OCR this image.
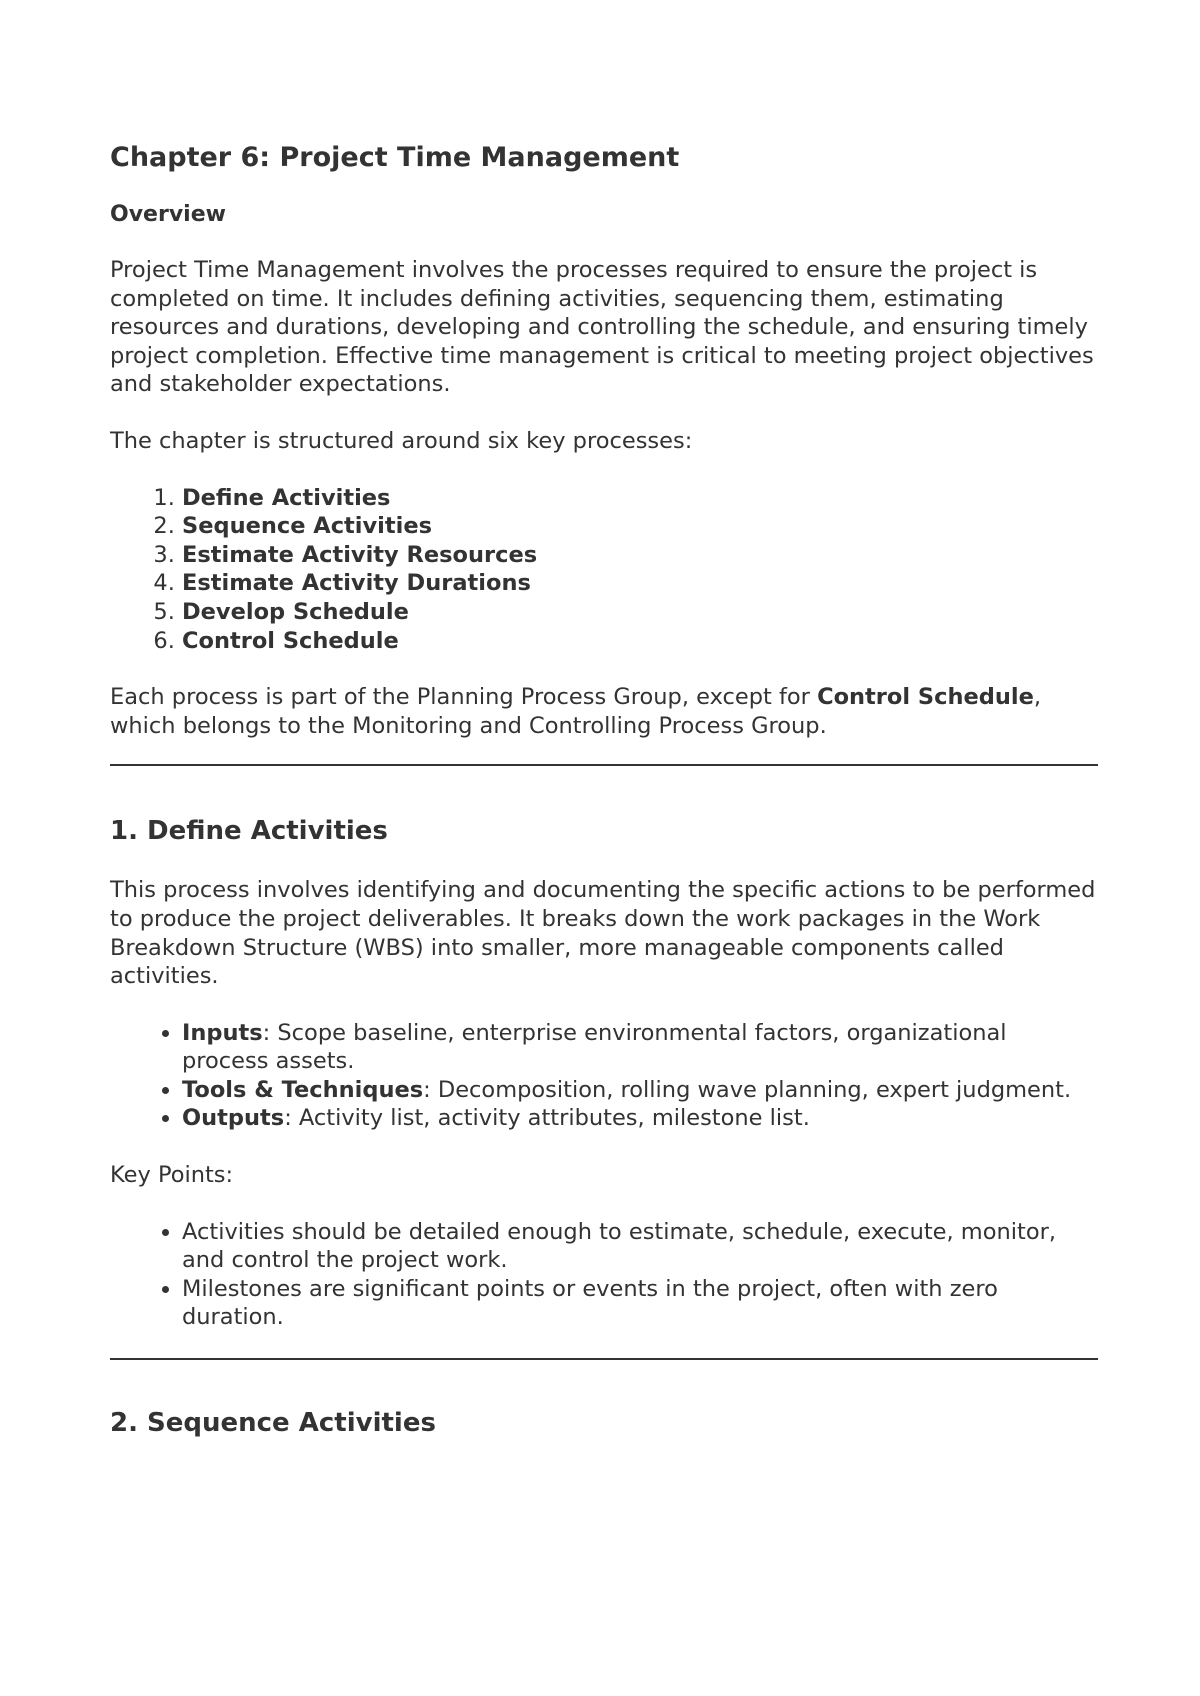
Chapter 6: Project Time Management
Overview

Project Time Management involves the processes required to ensure the project is completed on time. It includes defining activities, sequencing them, estimating resources and durations, developing and controlling the schedule, and ensuring timely project completion. Effective time management is critical to meeting project objectives and stakeholder expectations.

The chapter is structured around six key processes:

1. Define Activities
2. Sequence Activities
3. Estimate Activity Resources
4. Estimate Activity Durations
5. Develop Schedule
6. Control Schedule

Each process is part of the Planning Process Group, except for Control Schedule, which belongs to the Monitoring and Controlling Process Group.

1. Define Activities

This process involves identifying and documenting the specific actions to be performed to produce the project deliverables. It breaks down the work packages in the Work Breakdown Structure (WBS) into smaller, more manageable components called activities.

• Inputs: Scope baseline, enterprise environmental factors, organizational process assets.
• Tools & Techniques: Decomposition, rolling wave planning, expert judgment.
• Outputs: Activity list, activity attributes, milestone list.

Key Points:

• Activities should be detailed enough to estimate, schedule, execute, monitor, and control the project work.
• Milestones are significant points or events in the project, often with zero duration.
2. Sequence Activities
